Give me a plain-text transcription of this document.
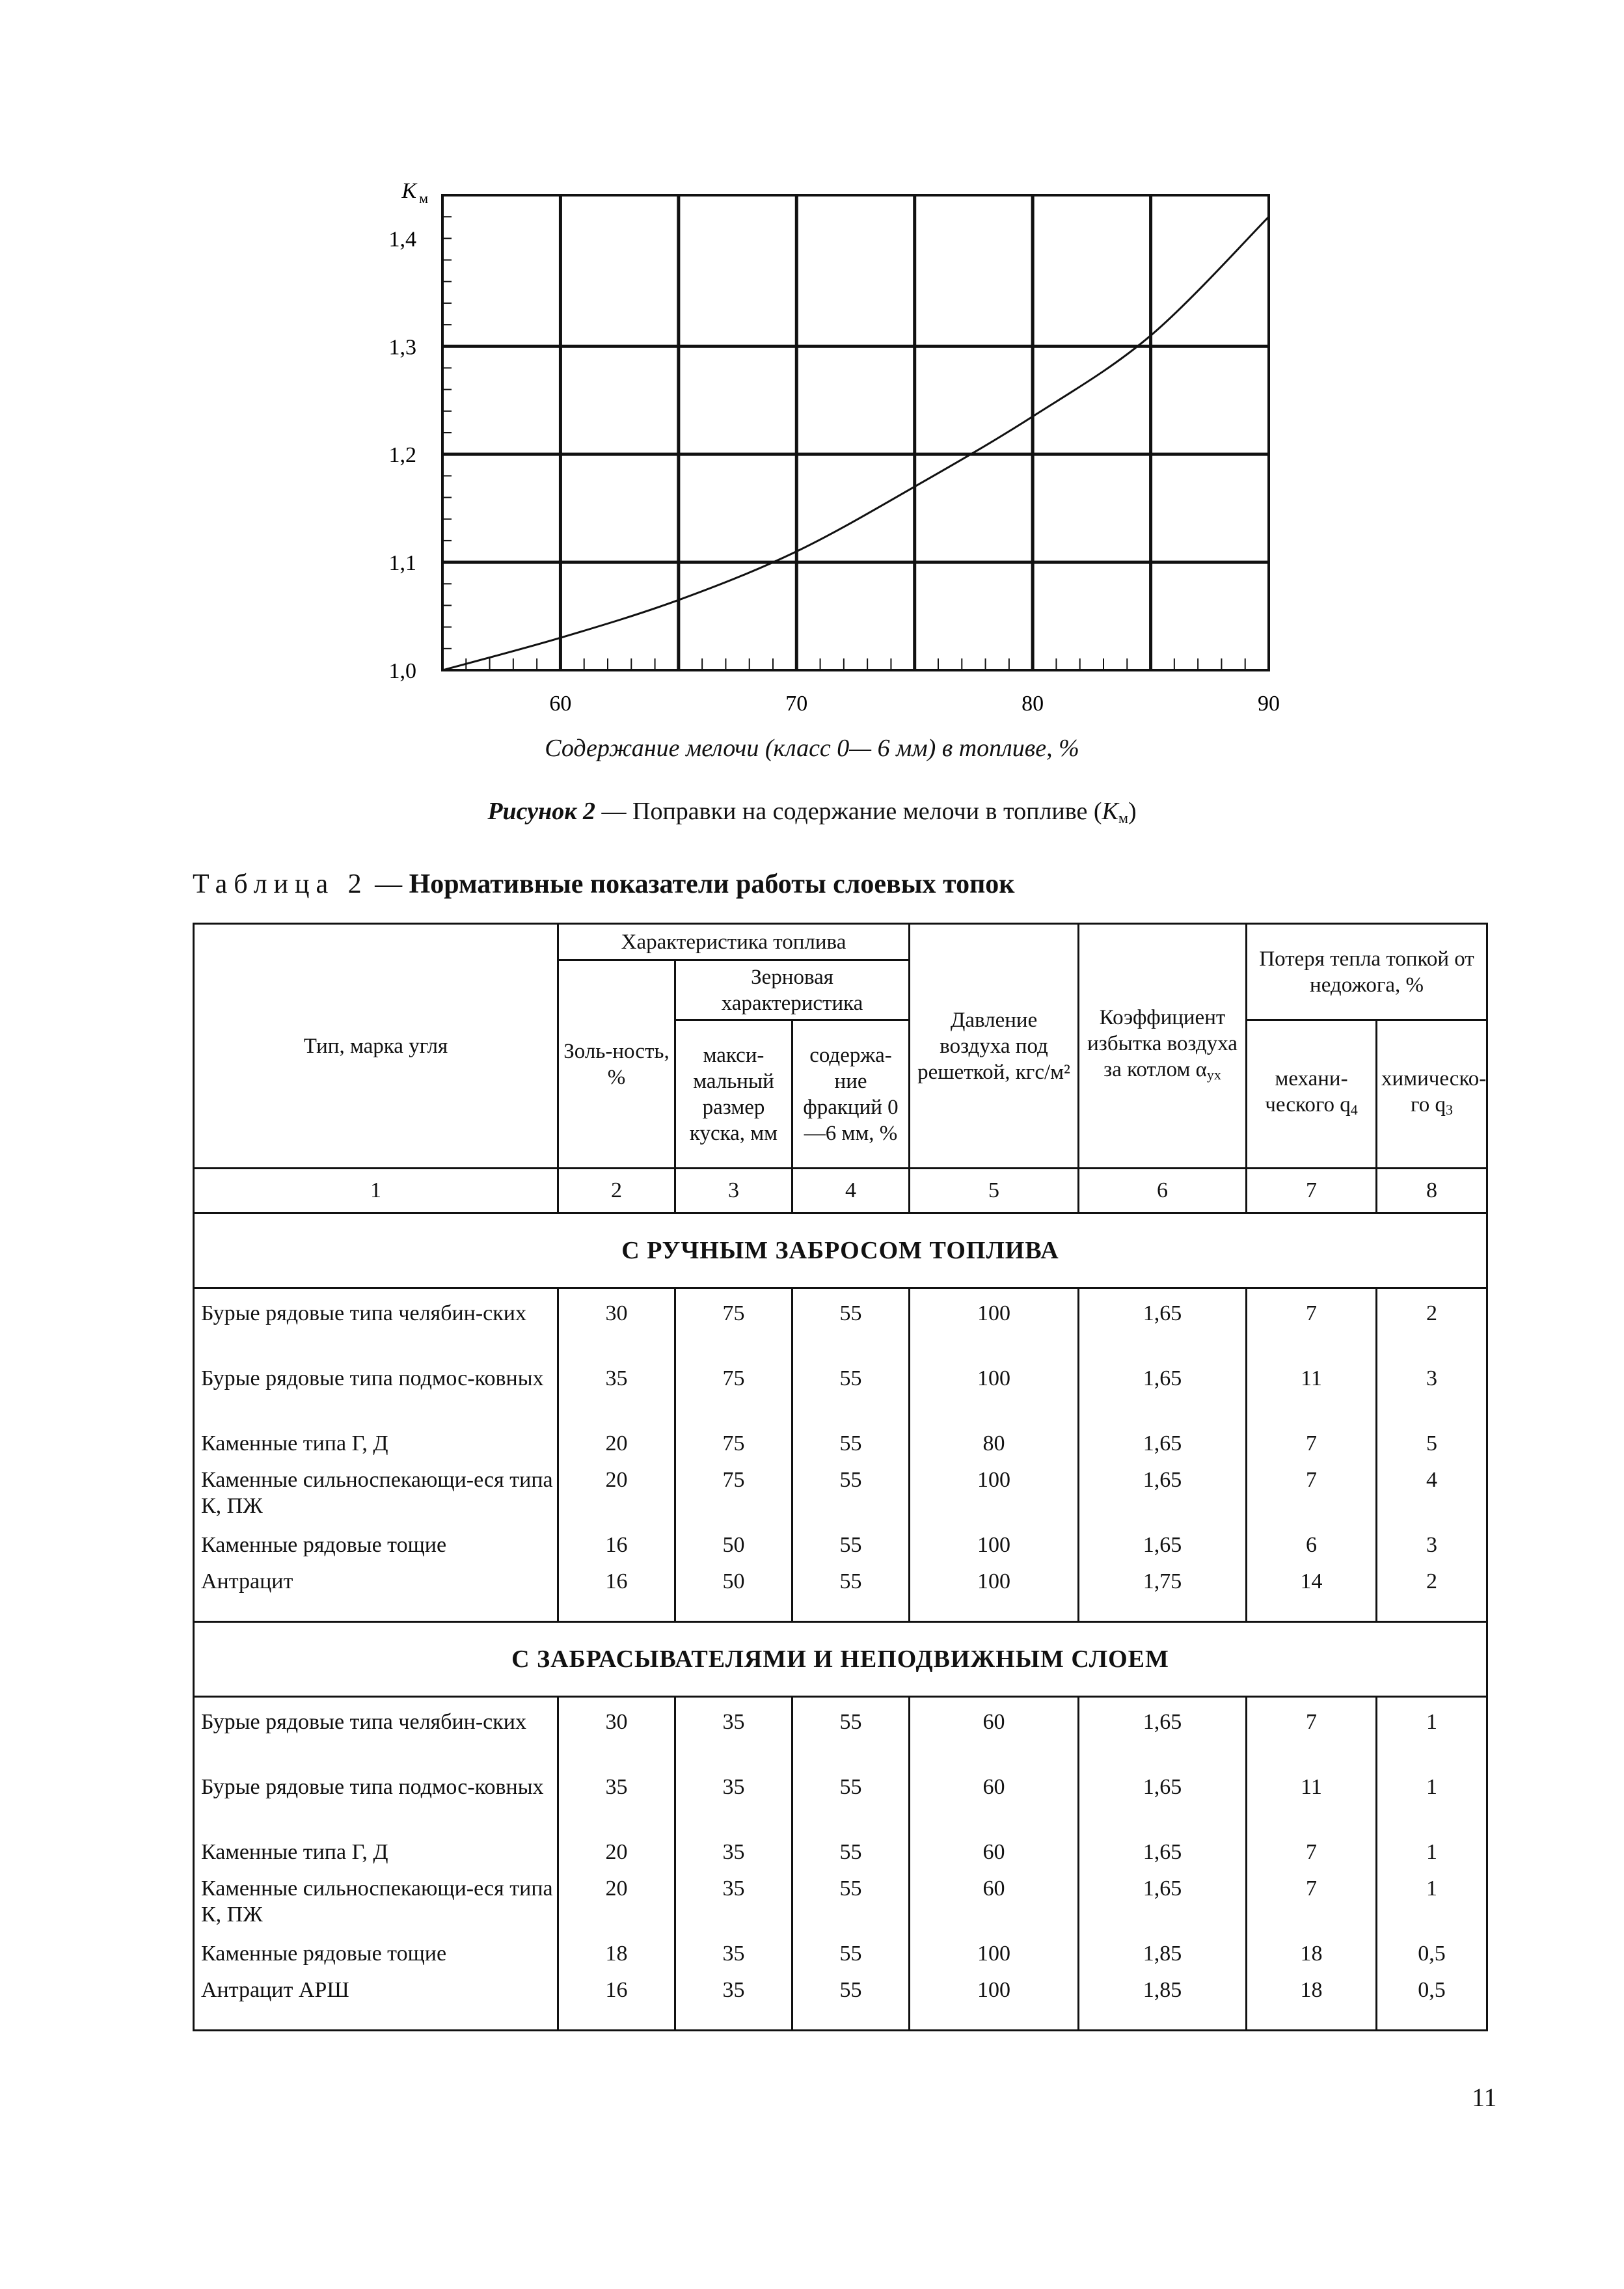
1,0
1,1
1,2
1,3
1,4
60	70	80	90
K м
Содержание мелочи (класс 0— 6 мм) в топливе, %
Рисунок 2 — Поправки на содержание мелочи в топливе $(K_м)$
Таблица 2 — Нормативные показатели работы слоевых топок
Тип, марка угля	Характеристика топлива			Давление воздуха под решеткой, кгс/м²	Коэффициент избытка воздуха за котлом $\alpha_{ух}$	Потеря тепла топкой от недожога, %	
	Золь-ность, %	Зерновая характеристика					
		макси-мальный размер куска, мм	содержа-ние фракций 0—6 мм, %			механи-ческого $q_4$	химическо-го $q_3$
1	2	3	4	5	6	7	8
С РУЧНЫМ ЗАБРОСОМ ТОПЛИВА							

Бурые рядовые типа челябин-ских	30	75	55	100	1,65	7	2
Бурые рядовые типа подмос-ковных	35	75	55	100	1,65	11	3
Каменные типа Г, Д	20	75	55	80	1,65	7	5
Каменные сильноспекающи-еся типа К, ПЖ	20	75	55	100	1,65	7	4
Каменные рядовые тощие	16	50	55	100	1,65	6	3
Антрацит	16	50	55	100	1,75	14	2

С ЗАБРАСЫВАТЕЛЯМИ И НЕПОДВИЖНЫМ СЛОЕМ							

Бурые рядовые типа челябин-ских	30	35	55	60	1,65	7	1
Бурые рядовые типа подмос-ковных	35	35	55	60	1,65	11	1
Каменные типа Г, Д	20	35	55	60	1,65	7	1
Каменные сильноспекающи-еся типа К, ПЖ	20	35	55	60	1,65	7	1
Каменные рядовые тощие	18	35	55	100	1,85	18	0,5
Антрацит АРШ	16	35	55	100	1,85	18	0,5

11
